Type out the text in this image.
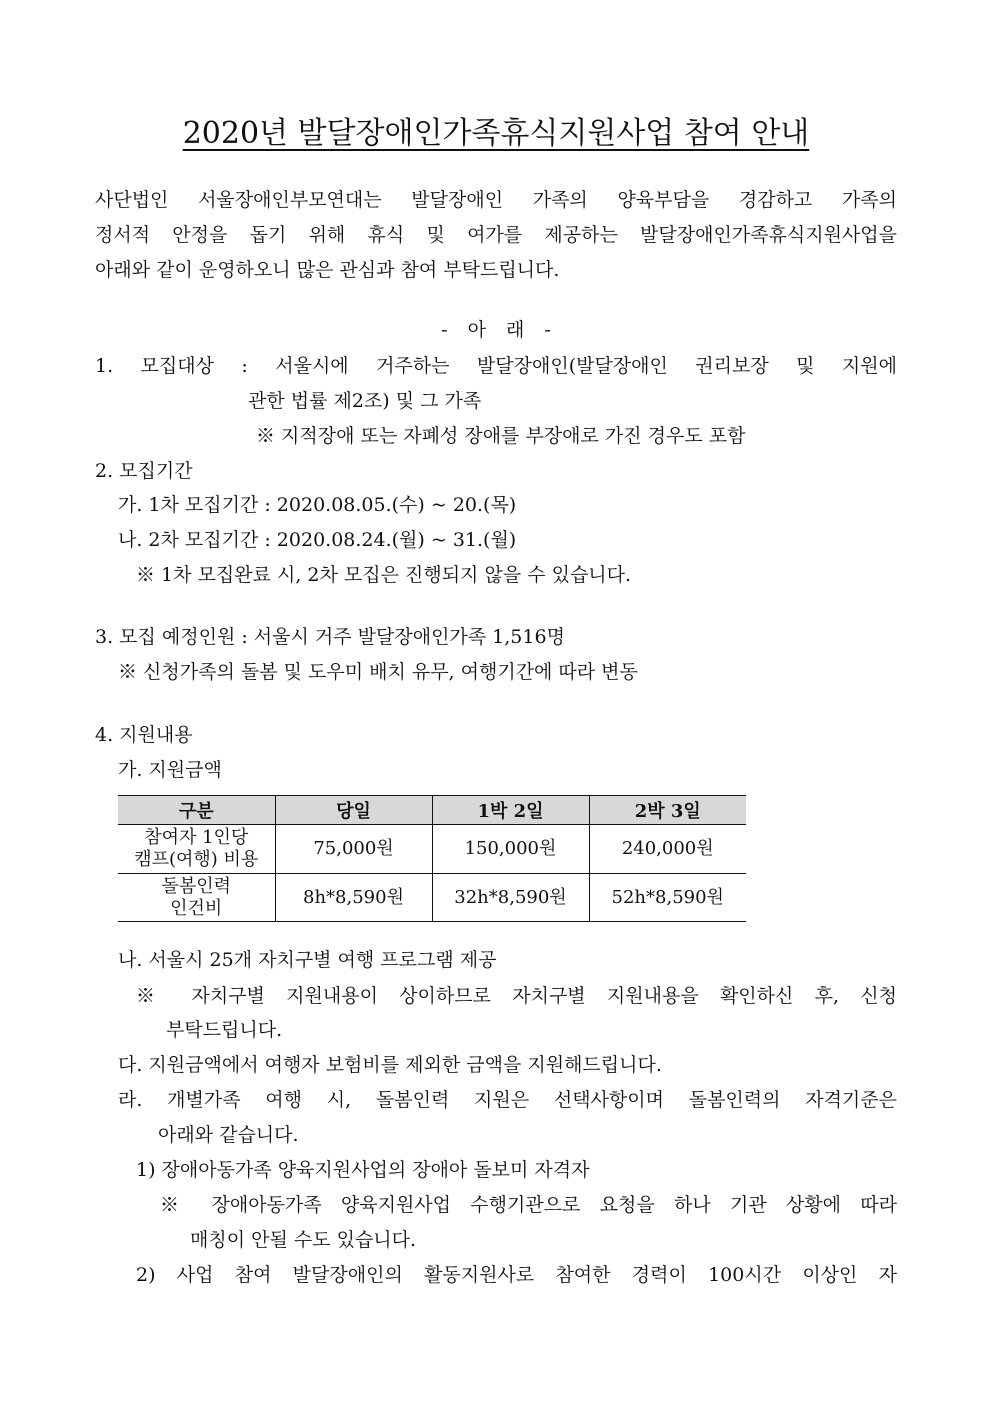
2020년 발달장애인가족휴식지원사업 참여 안내
사단법인 서울장애인부모연대는 발달장애인 가족의 양육부담을 경감하고 가족의
정서적 안정을 돕기 위해 휴식 및 여가를 제공하는 발달장애인가족휴식지원사업을
아래와 같이 운영하오니 많은 관심과 참여 부탁드립니다.
- 아 래 -
1. 모집대상 : 서울시에 거주하는 발달장애인(발달장애인 권리보장 및 지원에
관한 법률 제2조) 및 그 가족
※ 지적장애 또는 자폐성 장애를 부장애로 가진 경우도 포함
2. 모집기간
가. 1차 모집기간 : 2020.08.05.(수) ~ 20.(목)
나. 2차 모집기간 : 2020.08.24.(월) ~ 31.(월)
※ 1차 모집완료 시, 2차 모집은 진행되지 않을 수 있습니다.
3. 모집 예정인원 : 서울시 거주 발달장애인가족 1,516명
※ 신청가족의 돌봄 및 도우미 배치 유무, 여행기간에 따라 변동
4. 지원내용
가. 지원금액
구분	당일	1박 2일	2박 3일

참여자 1인당
캠프(여행) 비용	75,000원	150,000원	240,000원

돌봄인력
인건비	8h*8,590원	32h*8,590원	52h*8,590원
나. 서울시 25개 자치구별 여행 프로그램 제공
※ 자치구별 지원내용이 상이하므로 자치구별 지원내용을 확인하신 후, 신청
부탁드립니다.
다. 지원금액에서 여행자 보험비를 제외한 금액을 지원해드립니다.
라. 개별가족 여행 시, 돌봄인력 지원은 선택사항이며 돌봄인력의 자격기준은
아래와 같습니다.
1) 장애아동가족 양육지원사업의 장애아 돌보미 자격자
※ 장애아동가족 양육지원사업 수행기관으로 요청을 하나 기관 상황에 따라
매칭이 안될 수도 있습니다.
2) 사업 참여 발달장애인의 활동지원사로 참여한 경력이 100시간 이상인 자
